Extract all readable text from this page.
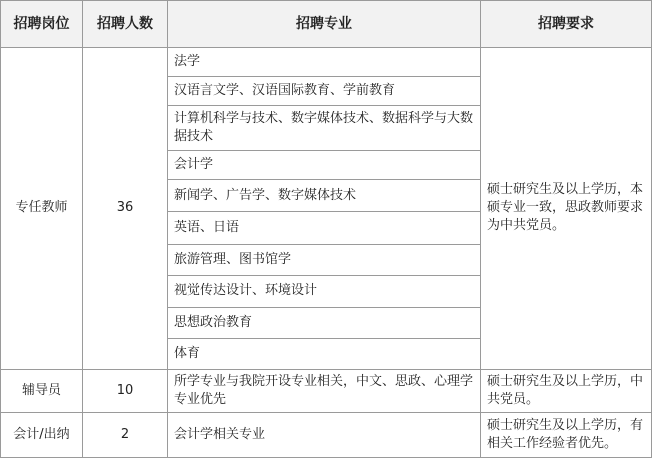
招聘岗位	招聘人数	招聘专业	招聘要求
专任教师	36	法学	硕士研究生及以上学历，本硕专业一致，思政教师要求为中共党员。
		汉语言文学、汉语国际教育、学前教育	
		计算机科学与技术、数字媒体技术、数据科学与大数据技术	
		会计学	
		新闻学、广告学、数字媒体技术	
		英语、日语	
		旅游管理、图书馆学	
		视觉传达设计、环境设计	
		思想政治教育	
		体育	
辅导员	10	所学专业与我院开设专业相关，中文、思政、心理学专业优先	硕士研究生及以上学历，中共党员。
会计/出纳	2	会计学相关专业	硕士研究生及以上学历，有相关工作经验者优先。
